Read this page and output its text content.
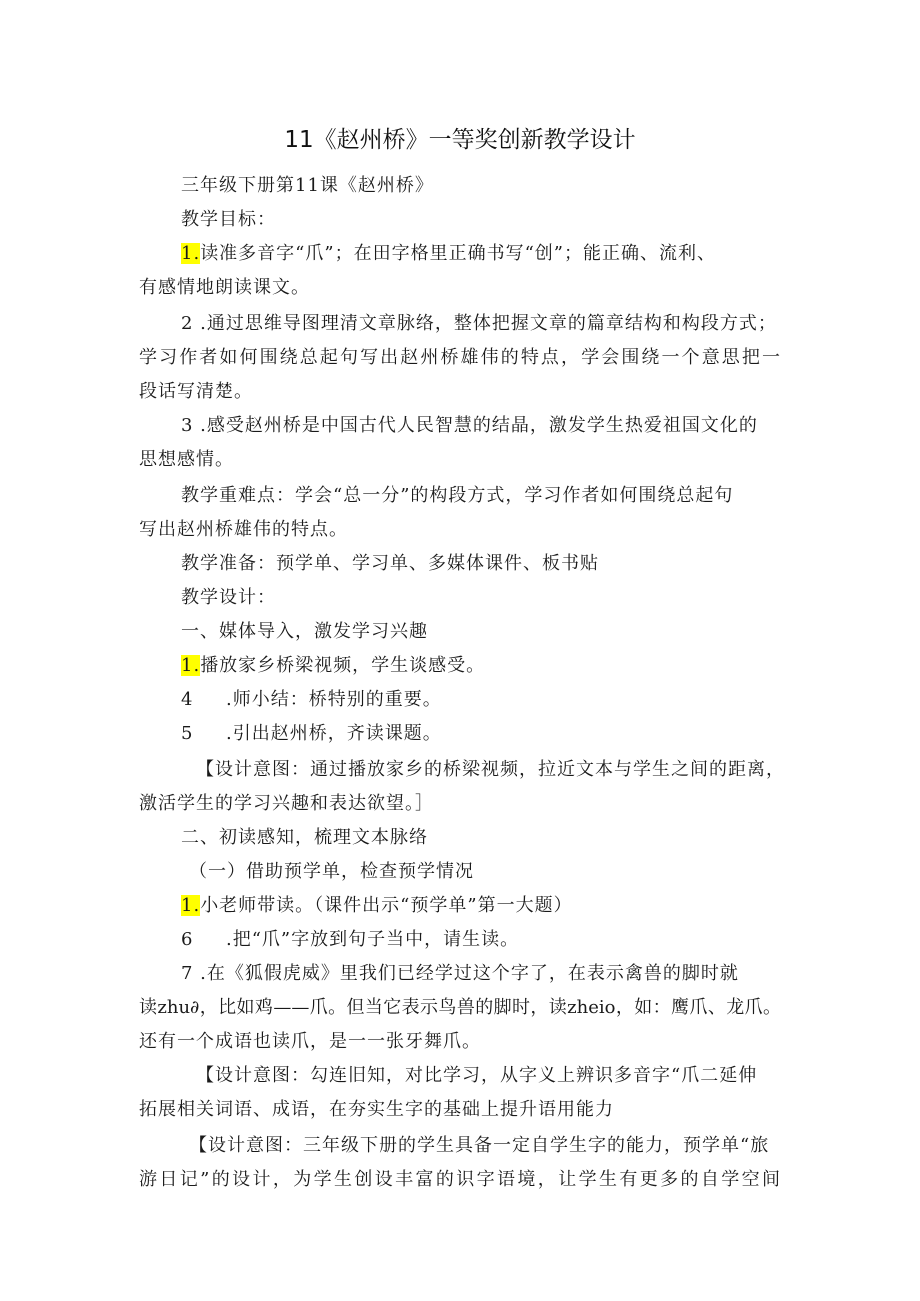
11《赵州桥》一等奖创新教学设计
三年级下册第11课《赵州桥》
教学目标：
1.读准多音字“爪”；在田字格里正确书写“创”；能正确、流利、
有感情地朗读课文。
2 .通过思维导图理清文章脉络，整体把握文章的篇章结构和构段方式；
学习作者如何围绕总起句写出赵州桥雄伟的特点，学会围绕一个意思把一
段话写清楚。
3 .感受赵州桥是中国古代人民智慧的结晶，激发学生热爱祖国文化的
思想感情。
教学重难点：学会“总一分”的构段方式，学习作者如何围绕总起句
写出赵州桥雄伟的特点。
教学准备：预学单、学习单、多媒体课件、板书贴
教学设计：
一、媒体导入，激发学习兴趣
1.播放家乡桥梁视频，学生谈感受。
4 .师小结：桥特别的重要。
5 .引出赵州桥，齐读课题。
【设计意图：通过播放家乡的桥梁视频，拉近文本与学生之间的距离，
激活学生的学习兴趣和表达欲望。］
二、初读感知，梳理文本脉络
（一）借助预学单，检查预学情况
1.小老师带读。（课件出示“预学单”第一大题）
6 .把“爪”字放到句子当中，请生读。
7 .在《狐假虎威》里我们已经学过这个字了，在表示禽兽的脚时就
读zhu∂，比如鸡——爪。但当它表示鸟兽的脚时，读zheio，如：鹰爪、龙爪。
还有一个成语也读爪，是一一张牙舞爪。
【设计意图：勾连旧知，对比学习，从字义上辨识多音字“爪二延伸
拓展相关词语、成语，在夯实生字的基础上提升语用能力
【设计意图：三年级下册的学生具备一定自学生字的能力，预学单“旅
游日记”的设计，为学生创设丰富的识字语境，让学生有更多的自学空间
